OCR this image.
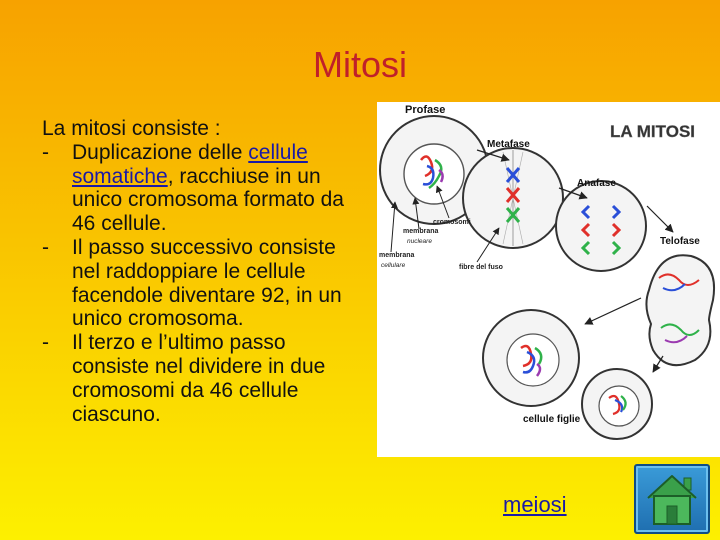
Mitosi

La mitosi consiste :

- Duplicazione delle cellule somatiche, racchiuse in un unico cromosoma formato da 46 cellule.
- Il passo successivo consiste nel raddoppiare le cellule facendole diventare 92, in un unico cromosoma.
- Il terzo e l’ultimo passo consiste nel dividere in due cromosomi da 46 cellule ciascuno.
LA MITOSI
Profase
Metafase
Anafase
Telofase
cellule figlie
cromosomi
membrana
nucleare
membrana
cellulare	fibre del fuso
meiosi
